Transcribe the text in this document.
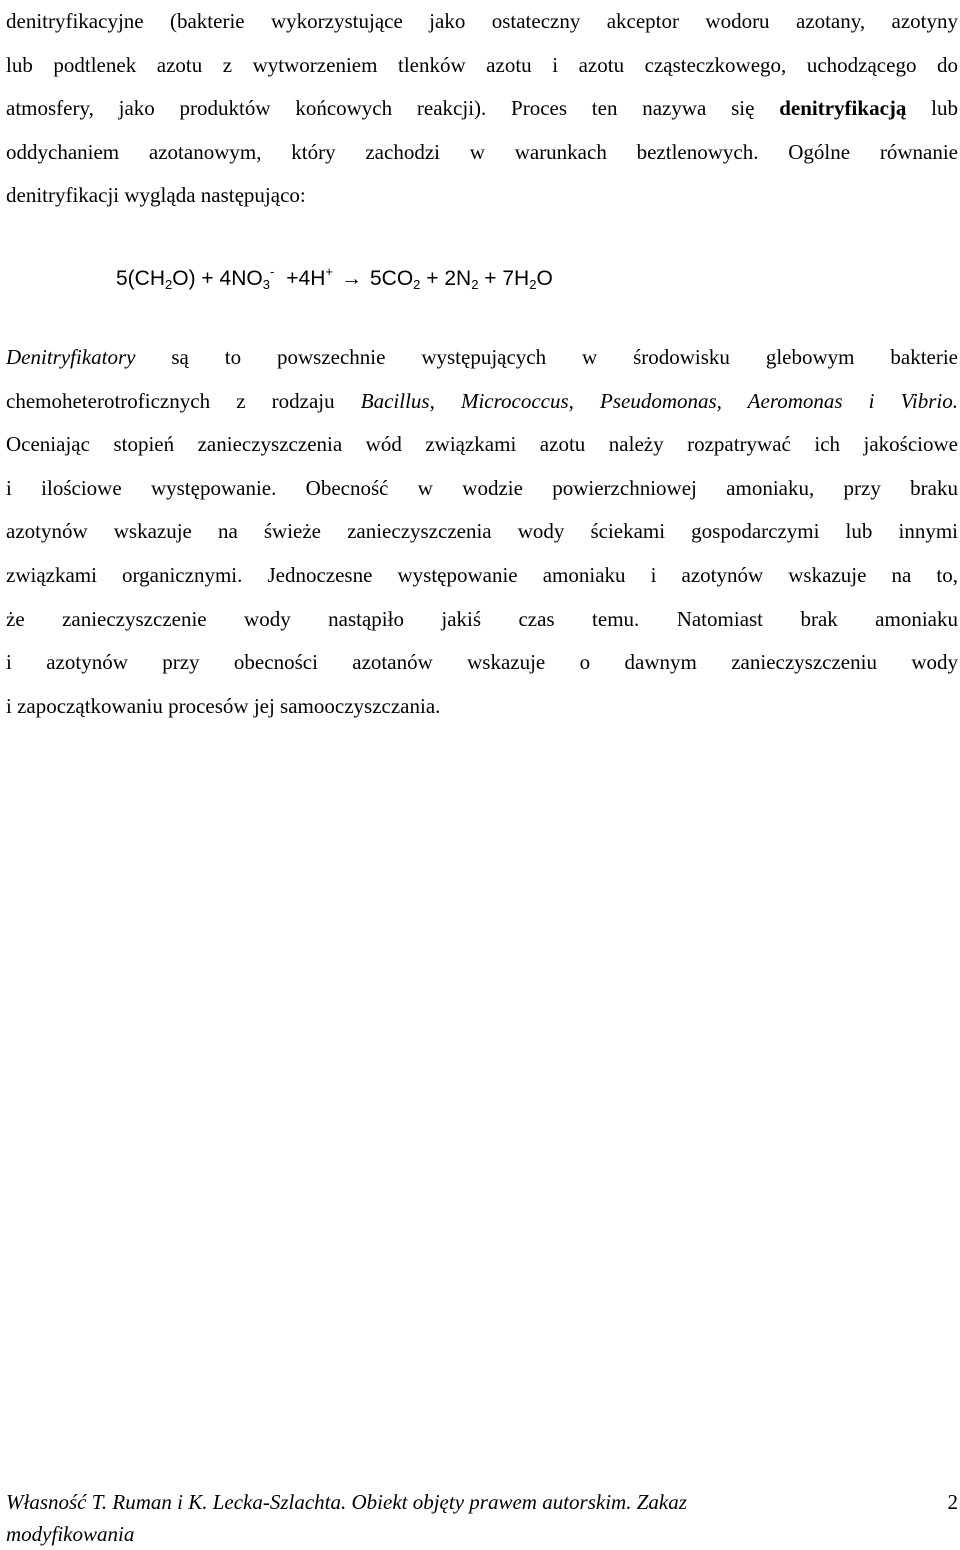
denitryfikacyjne (bakterie wykorzystujące jako ostateczny akceptor wodoru azotany, azotyny
lub podtlenek azotu z wytworzeniem tlenków azotu i azotu cząsteczkowego, uchodzącego do
atmosfery, jako produktów końcowych reakcji). Proces ten nazywa się denitryfikacją lub
oddychaniem azotanowym, który zachodzi w warunkach beztlenowych. Ogólne równanie
denitryfikacji wygląda następująco:
$5(CH_2O) + 4NO_3^- +4H^+ \to 5CO_2 + 2N_2 + 7H_2O$
Denitryfikatory są to powszechnie występujących w środowisku glebowym bakterie
chemoheterotroficznych z rodzaju Bacillus, Micrococcus, Pseudomonas, Aeromonas i Vibrio.
Oceniając stopień zanieczyszczenia wód związkami azotu należy rozpatrywać ich jakościowe
i ilościowe występowanie. Obecność w wodzie powierzchniowej amoniaku, przy braku
azotynów wskazuje na świeże zanieczyszczenia wody ściekami gospodarczymi lub innymi
związkami organicznymi. Jednoczesne występowanie amoniaku i azotynów wskazuje na to,
że zanieczyszczenie wody nastąpiło jakiś czas temu. Natomiast brak amoniaku
i azotynów przy obecności azotanów wskazuje o dawnym zanieczyszczeniu wody
i zapoczątkowaniu procesów jej samooczyszczania.
Własność T. Ruman i K. Lecka-Szlachta. Obiekt objęty prawem autorskim. Zakaz
modyfikowania
2
